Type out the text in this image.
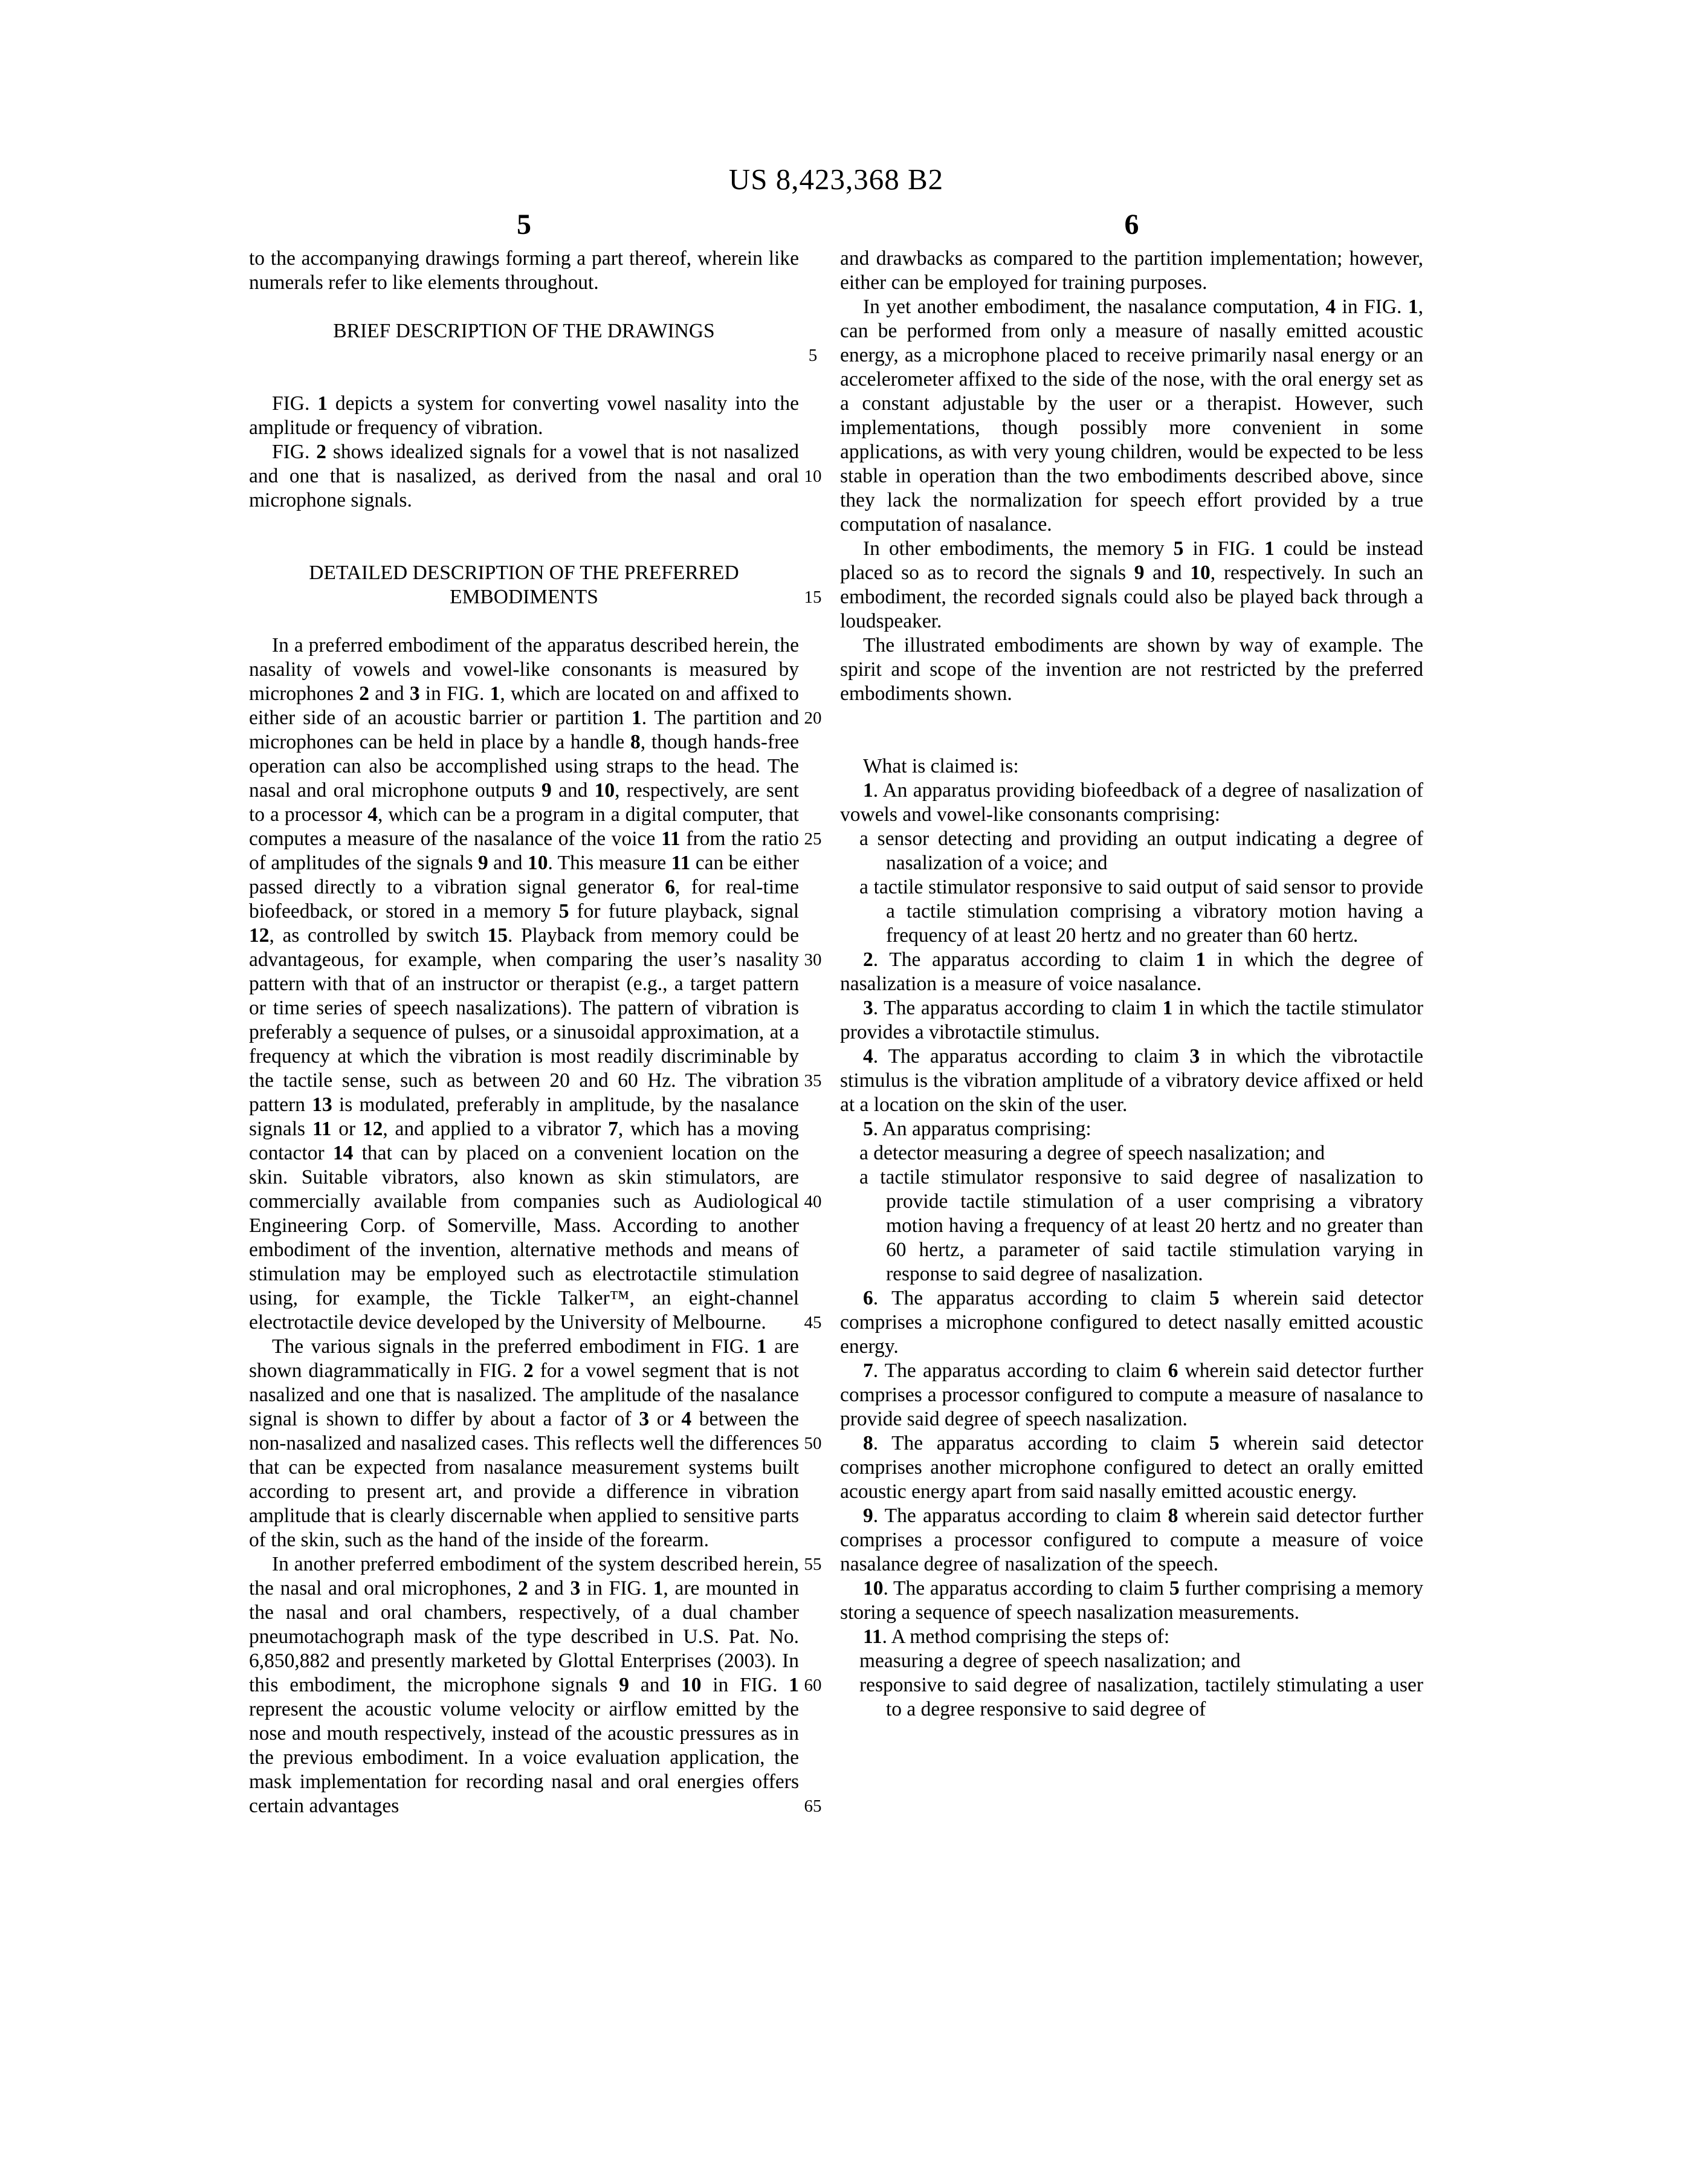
US 8,423,368 B2
5	6

to the accompanying drawings forming a part thereof, wherein like numerals refer to like elements throughout.

BRIEF DESCRIPTION OF THE DRAWINGS

FIG. 1 depicts a system for converting vowel nasality into the amplitude or frequency of vibration.

FIG. 2 shows idealized signals for a vowel that is not nasalized and one that is nasalized, as derived from the nasal and oral microphone signals.

DETAILED DESCRIPTION OF THE PREFERRED EMBODIMENTS

In a preferred embodiment of the apparatus described herein, the nasality of vowels and vowel-like consonants is measured by microphones 2 and 3 in FIG. 1, which are located on and affixed to either side of an acoustic barrier or partition 1. The partition and microphones can be held in place by a handle 8, though hands-free operation can also be accomplished using straps to the head. The nasal and oral microphone outputs 9 and 10, respectively, are sent to a processor 4, which can be a program in a digital computer, that computes a measure of the nasalance of the voice 11 from the ratio of amplitudes of the signals 9 and 10. This measure 11 can be either passed directly to a vibration signal generator 6, for real-time biofeedback, or stored in a memory 5 for future playback, signal 12, as controlled by switch 15. Playback from memory could be advantageous, for example, when comparing the user’s nasality pattern with that of an instructor or therapist (e.g., a target pattern or time series of speech nasalizations). The pattern of vibration is preferably a sequence of pulses, or a sinusoidal approximation, at a frequency at which the vibration is most readily discriminable by the tactile sense, such as between 20 and 60 Hz. The vibration pattern 13 is modulated, preferably in amplitude, by the nasalance signals 11 or 12, and applied to a vibrator 7, which has a moving contactor 14 that can by placed on a convenient location on the skin. Suitable vibrators, also known as skin stimulators, are commercially available from companies such as Audiological Engineering Corp. of Somerville, Mass. According to another embodiment of the invention, alternative methods and means of stimulation may be employed such as electrotactile stimulation using, for example, the Tickle Talker™, an eight-channel electrotactile device developed by the University of Melbourne.

The various signals in the preferred embodiment in FIG. 1 are shown diagrammatically in FIG. 2 for a vowel segment that is not nasalized and one that is nasalized. The amplitude of the nasalance signal is shown to differ by about a factor of 3 or 4 between the non-nasalized and nasalized cases. This reflects well the differences that can be expected from nasalance measurement systems built according to present art, and provide a difference in vibration amplitude that is clearly discernable when applied to sensitive parts of the skin, such as the hand of the inside of the forearm.

In another preferred embodiment of the system described herein, the nasal and oral microphones, 2 and 3 in FIG. 1, are mounted in the nasal and oral chambers, respectively, of a dual chamber pneumotachograph mask of the type described in U.S. Pat. No. 6,850,882 and presently marketed by Glottal Enterprises (2003). In this embodiment, the microphone signals 9 and 10 in FIG. 1 represent the acoustic volume velocity or airflow emitted by the nose and mouth respectively, instead of the acoustic pressures as in the previous embodiment. In a voice evaluation application, the mask implementation for recording nasal and oral energies offers certain advantages

and drawbacks as compared to the partition implementation; however, either can be employed for training purposes.

In yet another embodiment, the nasalance computation, 4 in FIG. 1, can be performed from only a measure of nasally emitted acoustic energy, as a microphone placed to receive primarily nasal energy or an accelerometer affixed to the side of the nose, with the oral energy set as a constant adjustable by the user or a therapist. However, such implementations, though possibly more convenient in some applications, as with very young children, would be expected to be less stable in operation than the two embodiments described above, since they lack the normalization for speech effort provided by a true computation of nasalance.

In other embodiments, the memory 5 in FIG. 1 could be instead placed so as to record the signals 9 and 10, respectively. In such an embodiment, the recorded signals could also be played back through a loudspeaker.

The illustrated embodiments are shown by way of example. The spirit and scope of the invention are not restricted by the preferred embodiments shown.

What is claimed is:

1. An apparatus providing biofeedback of a degree of nasalization of vowels and vowel-like consonants comprising:

a sensor detecting and providing an output indicating a degree of nasalization of a voice; and

a tactile stimulator responsive to said output of said sensor to provide a tactile stimulation comprising a vibratory motion having a frequency of at least 20 hertz and no greater than 60 hertz.

2. The apparatus according to claim 1 in which the degree of nasalization is a measure of voice nasalance.

3. The apparatus according to claim 1 in which the tactile stimulator provides a vibrotactile stimulus.

4. The apparatus according to claim 3 in which the vibrotactile stimulus is the vibration amplitude of a vibratory device affixed or held at a location on the skin of the user.

5. An apparatus comprising:

a detector measuring a degree of speech nasalization; and

a tactile stimulator responsive to said degree of nasalization to provide tactile stimulation of a user comprising a vibratory motion having a frequency of at least 20 hertz and no greater than 60 hertz, a parameter of said tactile stimulation varying in response to said degree of nasalization.

6. The apparatus according to claim 5 wherein said detector comprises a microphone configured to detect nasally emitted acoustic energy.

7. The apparatus according to claim 6 wherein said detector further comprises a processor configured to compute a measure of nasalance to provide said degree of speech nasalization.

8. The apparatus according to claim 5 wherein said detector comprises another microphone configured to detect an orally emitted acoustic energy apart from said nasally emitted acoustic energy.

9. The apparatus according to claim 8 wherein said detector further comprises a processor configured to compute a measure of voice nasalance degree of nasalization of the speech.

10. The apparatus according to claim 5 further comprising a memory storing a sequence of speech nasalization measurements.

11. A method comprising the steps of:

measuring a degree of speech nasalization; and

responsive to said degree of nasalization, tactilely stimulating a user to a degree responsive to said degree of

5
10
15
20
25
30
35
40
45
50
55
60
65
